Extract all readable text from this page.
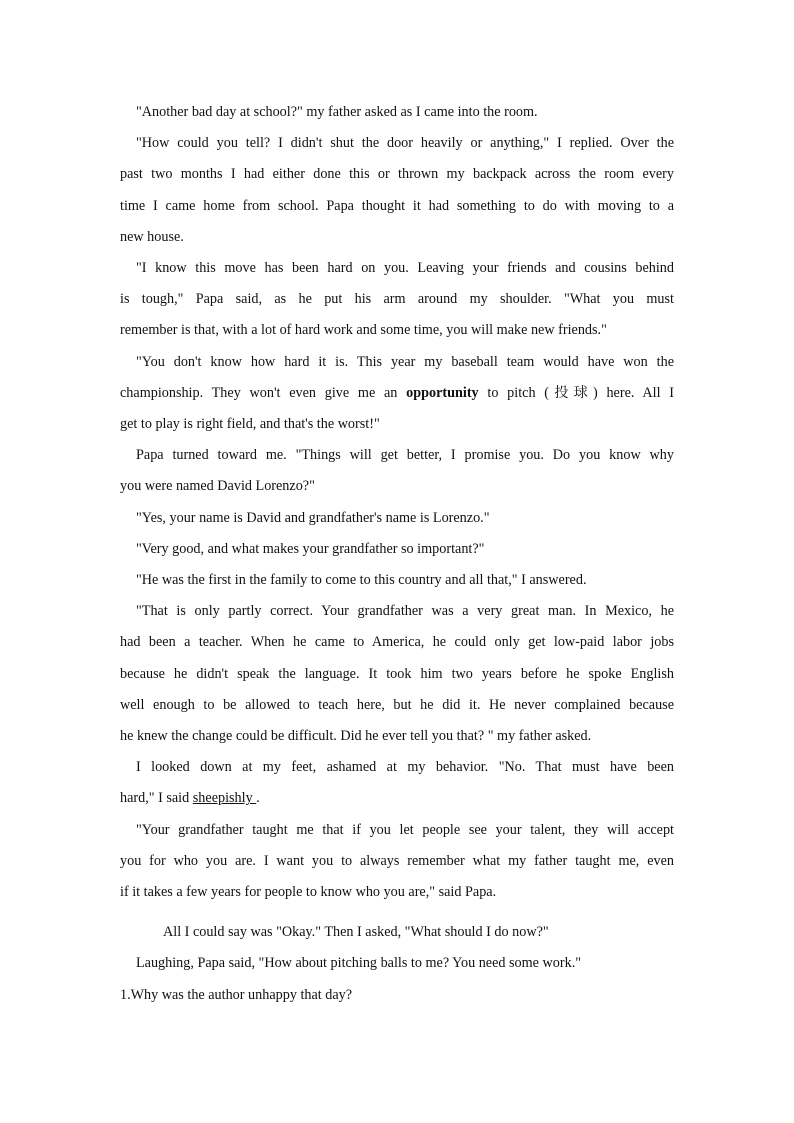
"Another bad day at school?" my father asked as I came into the room.

"How could you tell? I didn't shut the door heavily or anything," I replied. Over the
past two months I had either done this or thrown my backpack across the room every
time I came home from school. Papa thought it had something to do with moving to a
new house.

"I know this move has been hard on you. Leaving your friends and cousins behind
is tough," Papa said, as he put his arm around my shoulder. "What you must
remember is that, with a lot of hard work and some time, you will make new friends."

"You don't know how hard it is. This year my baseball team would have won the
championship. They won't even give me an opportunity to pitch (投球) here. All I
get to play is right field, and that's the worst!"

Papa turned toward me. "Things will get better, I promise you. Do you know why
you were named David Lorenzo?"

"Yes, your name is David and grandfather's name is Lorenzo."

"Very good, and what makes your grandfather so important?"

"He was the first in the family to come to this country and all that," I answered.

"That is only partly correct. Your grandfather was a very great man. In Mexico, he
had been a teacher. When he came to America, he could only get low-paid labor jobs
because he didn't speak the language. It took him two years before he spoke English
well enough to be allowed to teach here, but he did it. He never complained because
he knew the change could be difficult. Did he ever tell you that? " my father asked.

I looked down at my feet, ashamed at my behavior. "No. That must have been
hard," I said sheepishly .

"Your grandfather taught me that if you let people see your talent, they will accept
you for who you are. I want you to always remember what my father taught me, even
if it takes a few years for people to know who you are," said Papa.

All I could say was "Okay." Then I asked, "What should I do now?"

Laughing, Papa said, "How about pitching balls to me? You need some work."

1.Why was the author unhappy that day?
